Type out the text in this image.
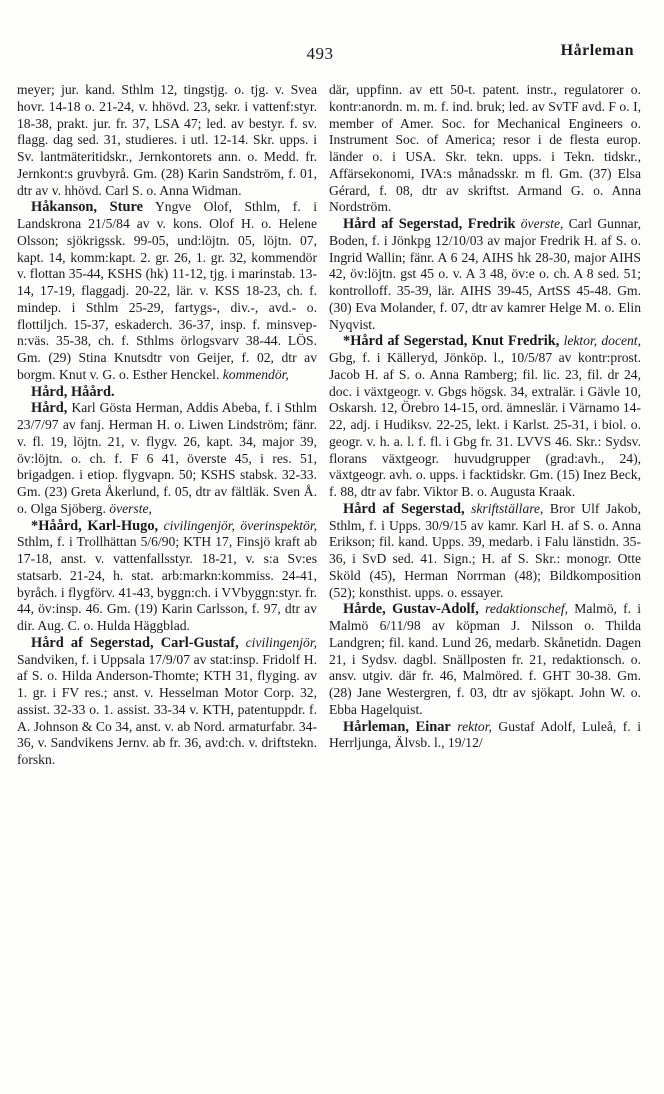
493	Hårleman

meyer; jur. kand. Sthlm 12, tingstjg. o. tjg. v. Svea hovr. 14-18 o. 21-24, v. hhövd. 23, sekr. i vattenf:styr. 18-38, prakt. jur. fr. 37, LSA 47; led. av bestyr. f. sv. flagg. dag sed. 31, studieres. i utl. 12-14. Skr. upps. i Sv. lantmäteritidskr., Jernkontorets ann. o. Medd. fr. Jernkont:s gruvbyrå. Gm. (28) Karin Sandström, f. 01, dtr av v. hhövd. Carl S. o. Anna Widman.

Håkanson, Sture Yngve Olof, Sthlm, f. i Landskrona 21/5/84 av v. kons. Olof H. o. Helene Olsson; sjökrigssk. 99-05, und:löjtn. 05, löjtn. 07, kapt. 14, komm:kapt. 2. gr. 26, 1. gr. 32, kommendör v. flottan 35-44, KSHS (hk) 11-12, tjg. i marinstab. 13-14, 17-19, flaggadj. 20-22, lär. v. KSS 18-23, ch. f. mindep. i Sthlm 25-29, fartygs-, div.-, avd.- o. flottiljch. 15-37, eskaderch. 36-37, insp. f. minsvep-n:väs. 35-38, ch. f. Sthlms örlogsvarv 38-44. LÖS. Gm. (29) Stina Knutsdtr von Geijer, f. 02, dtr av borgm. Knut v. G. o. Esther Henckel. kommendör,

Hård, Håård.

Hård, Karl Gösta Herman, Addis Abeba, f. i Sthlm 23/7/97 av fanj. Herman H. o. Liwen Lindström; fänr. v. fl. 19, löjtn. 21, v. flygv. 26, kapt. 34, major 39, öv:löjtn. o. ch. f. F 6 41, överste 45, i res. 51, brigadgen. i etiop. flygvapn. 50; KSHS stabsk. 32-33. Gm. (23) Greta Åkerlund, f. 05, dtr av fältläk. Sven Å. o. Olga Sjöberg. överste,

*Håård, Karl-Hugo, civilingenjör, överinspektör, Sthlm, f. i Trollhättan 5/6/90; KTH 17, Finsjö kraft ab 17-18, anst. v. vattenfallsstyr. 18-21, v. s:a Sv:es statsarb. 21-24, h. stat. arb:markn:kommiss. 24-41, byråch. i flygförv. 41-43, byggn:ch. i VVbyggn:styr. fr. 44, öv:insp. 46. Gm. (19) Karin Carlsson, f. 97, dtr av dir. Aug. C. o. Hulda Häggblad.

Hård af Segerstad, Carl-Gustaf, civilingenjör, Sandviken, f. i Uppsala 17/9/07 av stat:insp. Fridolf H. af S. o. Hilda Anderson-Thomte; KTH 31, flyging. av 1. gr. i FV res.; anst. v. Hesselman Motor Corp. 32, assist. 32-33 o. 1. assist. 33-34 v. KTH, patentuppdr. f. A. Johnson & Co 34, anst. v. ab Nord. armaturfabr. 34-36, v. Sandvikens Jernv. ab fr. 36, avd:ch. v. driftstekn. forskn.

där, uppfinn. av ett 50-t. patent. instr., regulatorer o. kontr:anordn. m. m. f. ind. bruk; led. av SvTF avd. F o. I, member of Amer. Soc. for Mechanical Engineers o. Instrument Soc. of America; resor i de flesta europ. länder o. i USA. Skr. tekn. upps. i Tekn. tidskr., Affärsekonomi, IVA:s månadsskr. m fl. Gm. (37) Elsa Gérard, f. 08, dtr av skriftst. Armand G. o. Anna Nordström.

Hård af Segerstad, Fredrik överste, Carl Gunnar, Boden, f. i Jönkpg 12/10/03 av major Fredrik H. af S. o. Ingrid Wallin; fänr. A 6 24, AIHS hk 28-30, major AIHS 42, öv:löjtn. gst 45 o. v. A 3 48, öv:e o. ch. A 8 sed. 51; kontrolloff. 35-39, lär. AIHS 39-45, ArtSS 45-48. Gm. (30) Eva Molander, f. 07, dtr av kamrer Helge M. o. Elin Nyqvist.

*Hård af Segerstad, Knut Fredrik, lektor, docent, Gbg, f. i Källeryd, Jönköp. l., 10/5/87 av kontr:prost. Jacob H. af S. o. Anna Ramberg; fil. lic. 23, fil. dr 24, doc. i växtgeogr. v. Gbgs högsk. 34, extralär. i Gävle 10, Oskarsh. 12, Örebro 14-15, ord. ämneslär. i Värnamo 14-22, adj. i Hudiksv. 22-25, lekt. i Karlst. 25-31, i biol. o. geogr. v. h. a. l. f. fl. i Gbg fr. 31. LVVS 46. Skr.: Sydsv. florans växtgeogr. huvudgrupper (grad:avh., 24), växtgeogr. avh. o. upps. i facktidskr. Gm. (15) Inez Beck, f. 88, dtr av fabr. Viktor B. o. Augusta Kraak.

Hård af Segerstad, skriftställare, Bror Ulf Jakob, Sthlm, f. i Upps. 30/9/15 av kamr. Karl H. af S. o. Anna Erikson; fil. kand. Upps. 39, medarb. i Falu länstidn. 35-36, i SvD sed. 41. Sign.; H. af S. Skr.: monogr. Otte Sköld (45), Herman Norrman (48); Bildkomposition (52); konsthist. upps. o. essayer.

Hårde, Gustav-Adolf, redaktionschef, Malmö, f. i Malmö 6/11/98 av köpman J. Nilsson o. Thilda Landgren; fil. kand. Lund 26, medarb. Skånetidn. Dagen 21, i Sydsv. dagbl. Snällposten fr. 21, redaktionsch. o. ansv. utgiv. där fr. 46, Malmöred. f. GHT 30-38. Gm. (28) Jane Westergren, f. 03, dtr av sjökapt. John W. o. Ebba Hagelquist.

Hårleman, Einar rektor, Gustaf Adolf, Luleå, f. i Herrljunga, Älvsb. l., 19/12/
